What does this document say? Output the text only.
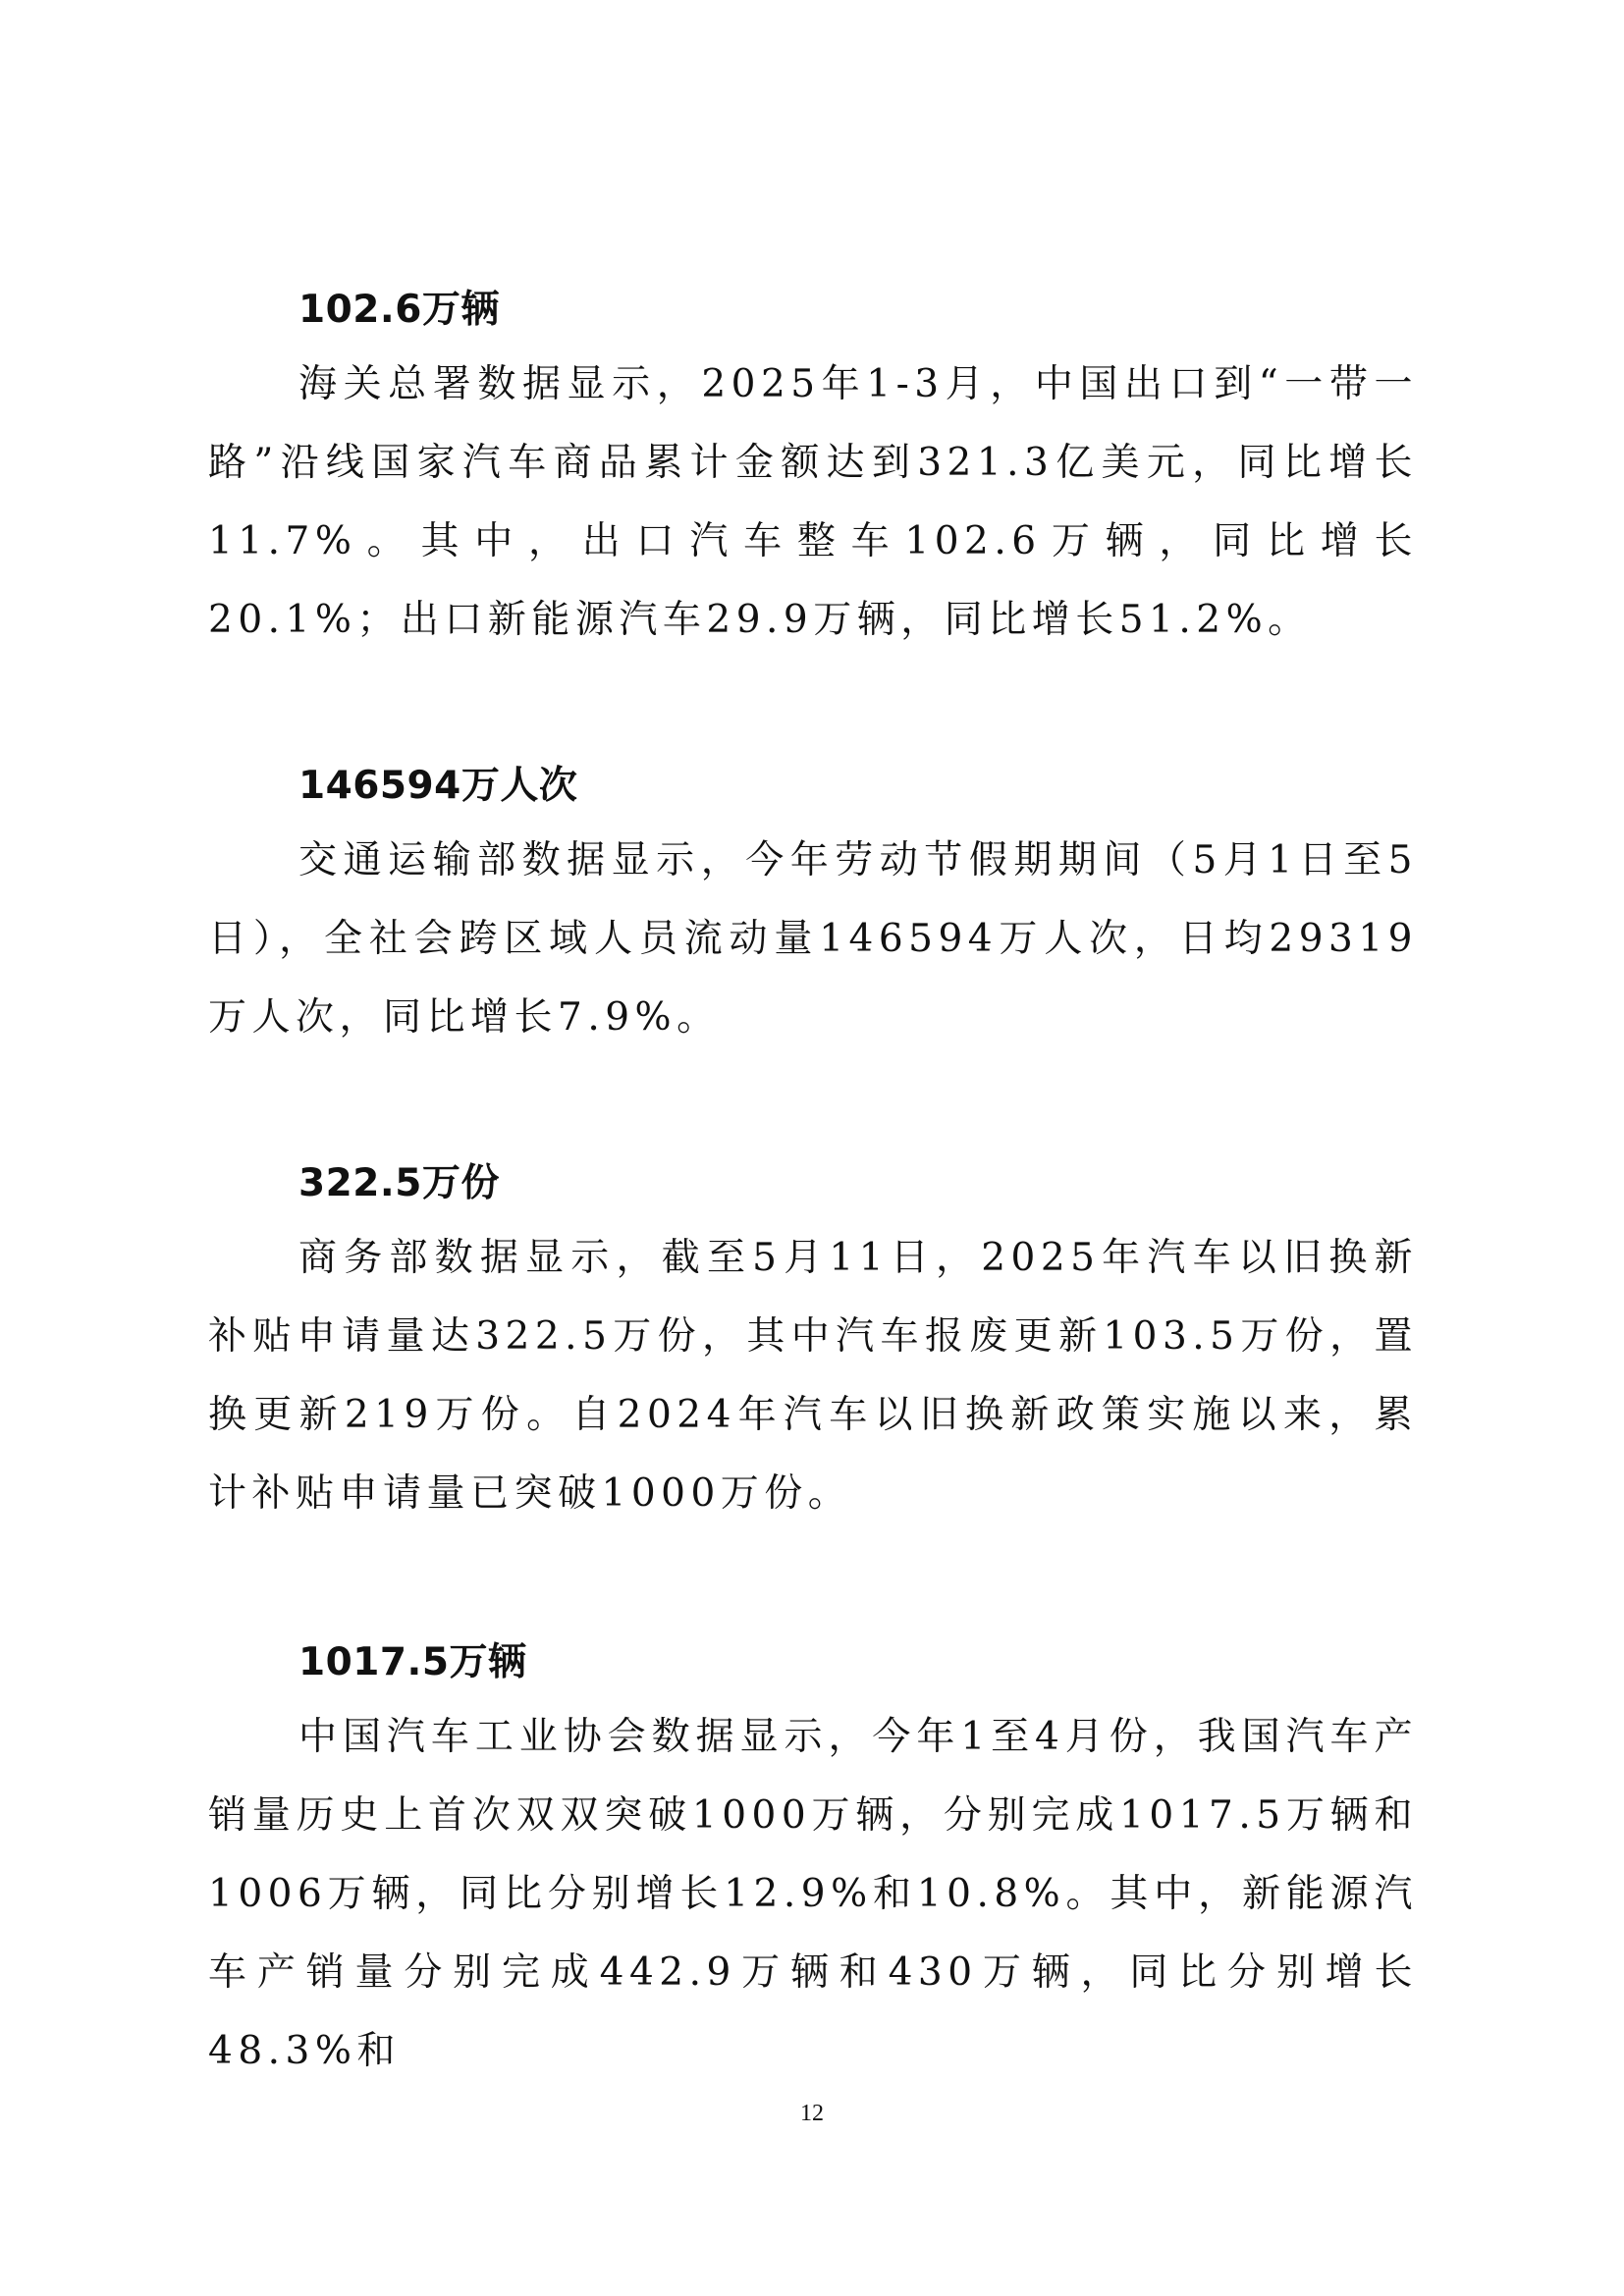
102.6万辆

海关总署数据显示，2025年1-3月，中国出口到“一带一路”沿线国家汽车商品累计金额达到321.3亿美元，同比增长11.7%。其中，出口汽车整车102.6万辆，同比增长20.1%；出口新能源汽车29.9万辆，同比增长51.2%。

146594万人次

交通运输部数据显示，今年劳动节假期期间（5月1日至5日），全社会跨区域人员流动量146594万人次，日均29319万人次，同比增长7.9%。

322.5万份

商务部数据显示，截至5月11日，2025年汽车以旧换新补贴申请量达322.5万份，其中汽车报废更新103.5万份，置换更新219万份。自2024年汽车以旧换新政策实施以来，累计补贴申请量已突破1000万份。

1017.5万辆

中国汽车工业协会数据显示，今年1至4月份，我国汽车产销量历史上首次双双突破1000万辆，分别完成1017.5万辆和1006万辆，同比分别增长12.9%和10.8%。其中，新能源汽车产销量分别完成442.9万辆和430万辆，同比分别增长48.3%和

12
